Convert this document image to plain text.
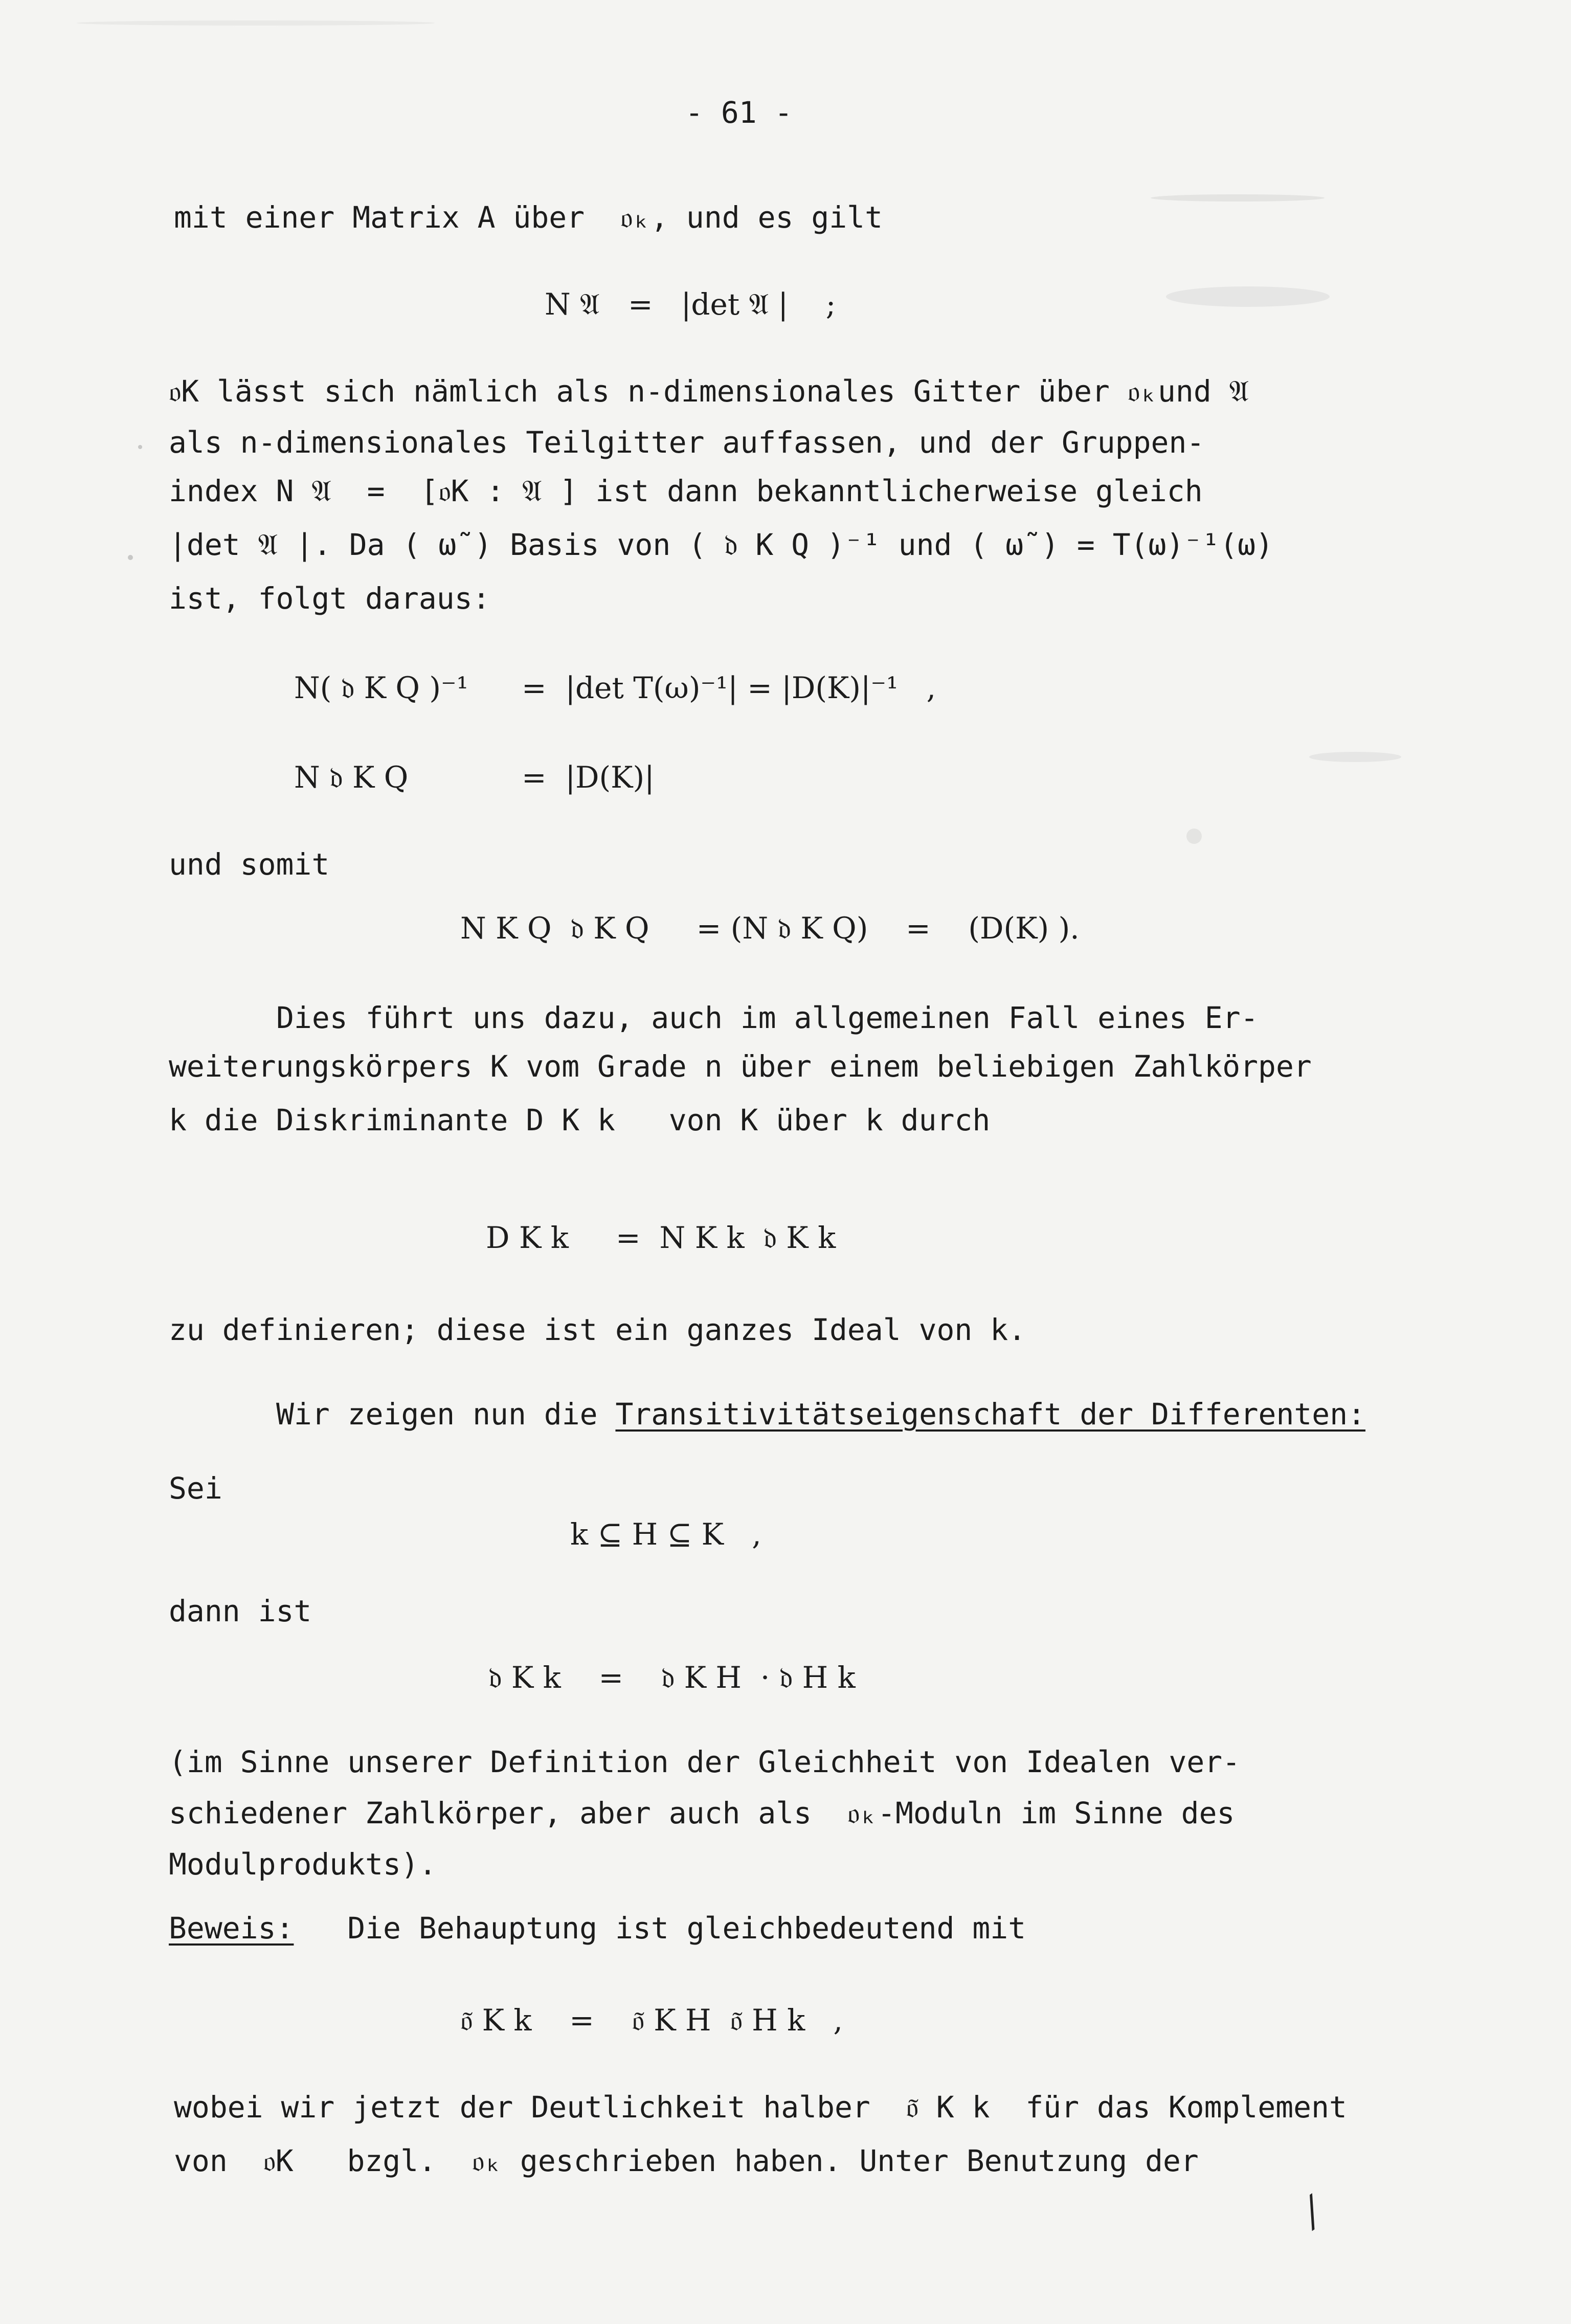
- 61 -
mit einer Matrix A über  𝔬ₖ, und es gilt
N 𝔄   =   |det 𝔄 |    ;
𝔬K lässt sich nämlich als n-dimensionales Gitter über 𝔬ₖund 𝔄
als n-dimensionales Teilgitter auffassen, und der Gruppen-
index N 𝔄  =  [𝔬K : 𝔄 ] ist dann bekanntlicherweise gleich
|det 𝔄 |. Da ( ω̃ ) Basis von ( 𝔡 K Q )⁻¹ und ( ω̃ ) = T(ω)⁻¹(ω)
ist, folgt daraus:
N( 𝔡 K Q )⁻¹ =  |det T(ω)⁻¹| = |D(K)|⁻¹   ,
N 𝔡 K Q	=  |D(K)|
und somit
N K Q  𝔡 K Q     = (N 𝔡 K Q)    =    (D(K) ).
Dies führt uns dazu, auch im allgemeinen Fall eines Er-
weiterungskörpers K vom Grade n über einem beliebigen Zahlkörper
k die Diskriminante D K k   von K über k durch
D K k     =  N K k  𝔡 K k
zu definieren; diese ist ein ganzes Ideal von k.
Wir zeigen nun die Transitivitätseigenschaft der Differenten:
Sei
k ⊆ H ⊆ K   ,
dann ist
𝔡 K k    =    𝔡 K H  · 𝔡 H k
(im Sinne unserer Definition der Gleichheit von Idealen ver-
schiedener Zahlkörper, aber auch als  𝔬ₖ-Moduln im Sinne des
Modulprodukts).
Beweis: Die Behauptung ist gleichbedeutend mit
𝔬̃ K k    =    𝔬̃ K H  𝔬̃ H k   ,
wobei wir jetzt der Deutlichkeit halber  𝔬̃ K k  für das Komplement
von  𝔬K   bzgl.  𝔬ₖ geschrieben haben. Unter Benutzung der
⁄
